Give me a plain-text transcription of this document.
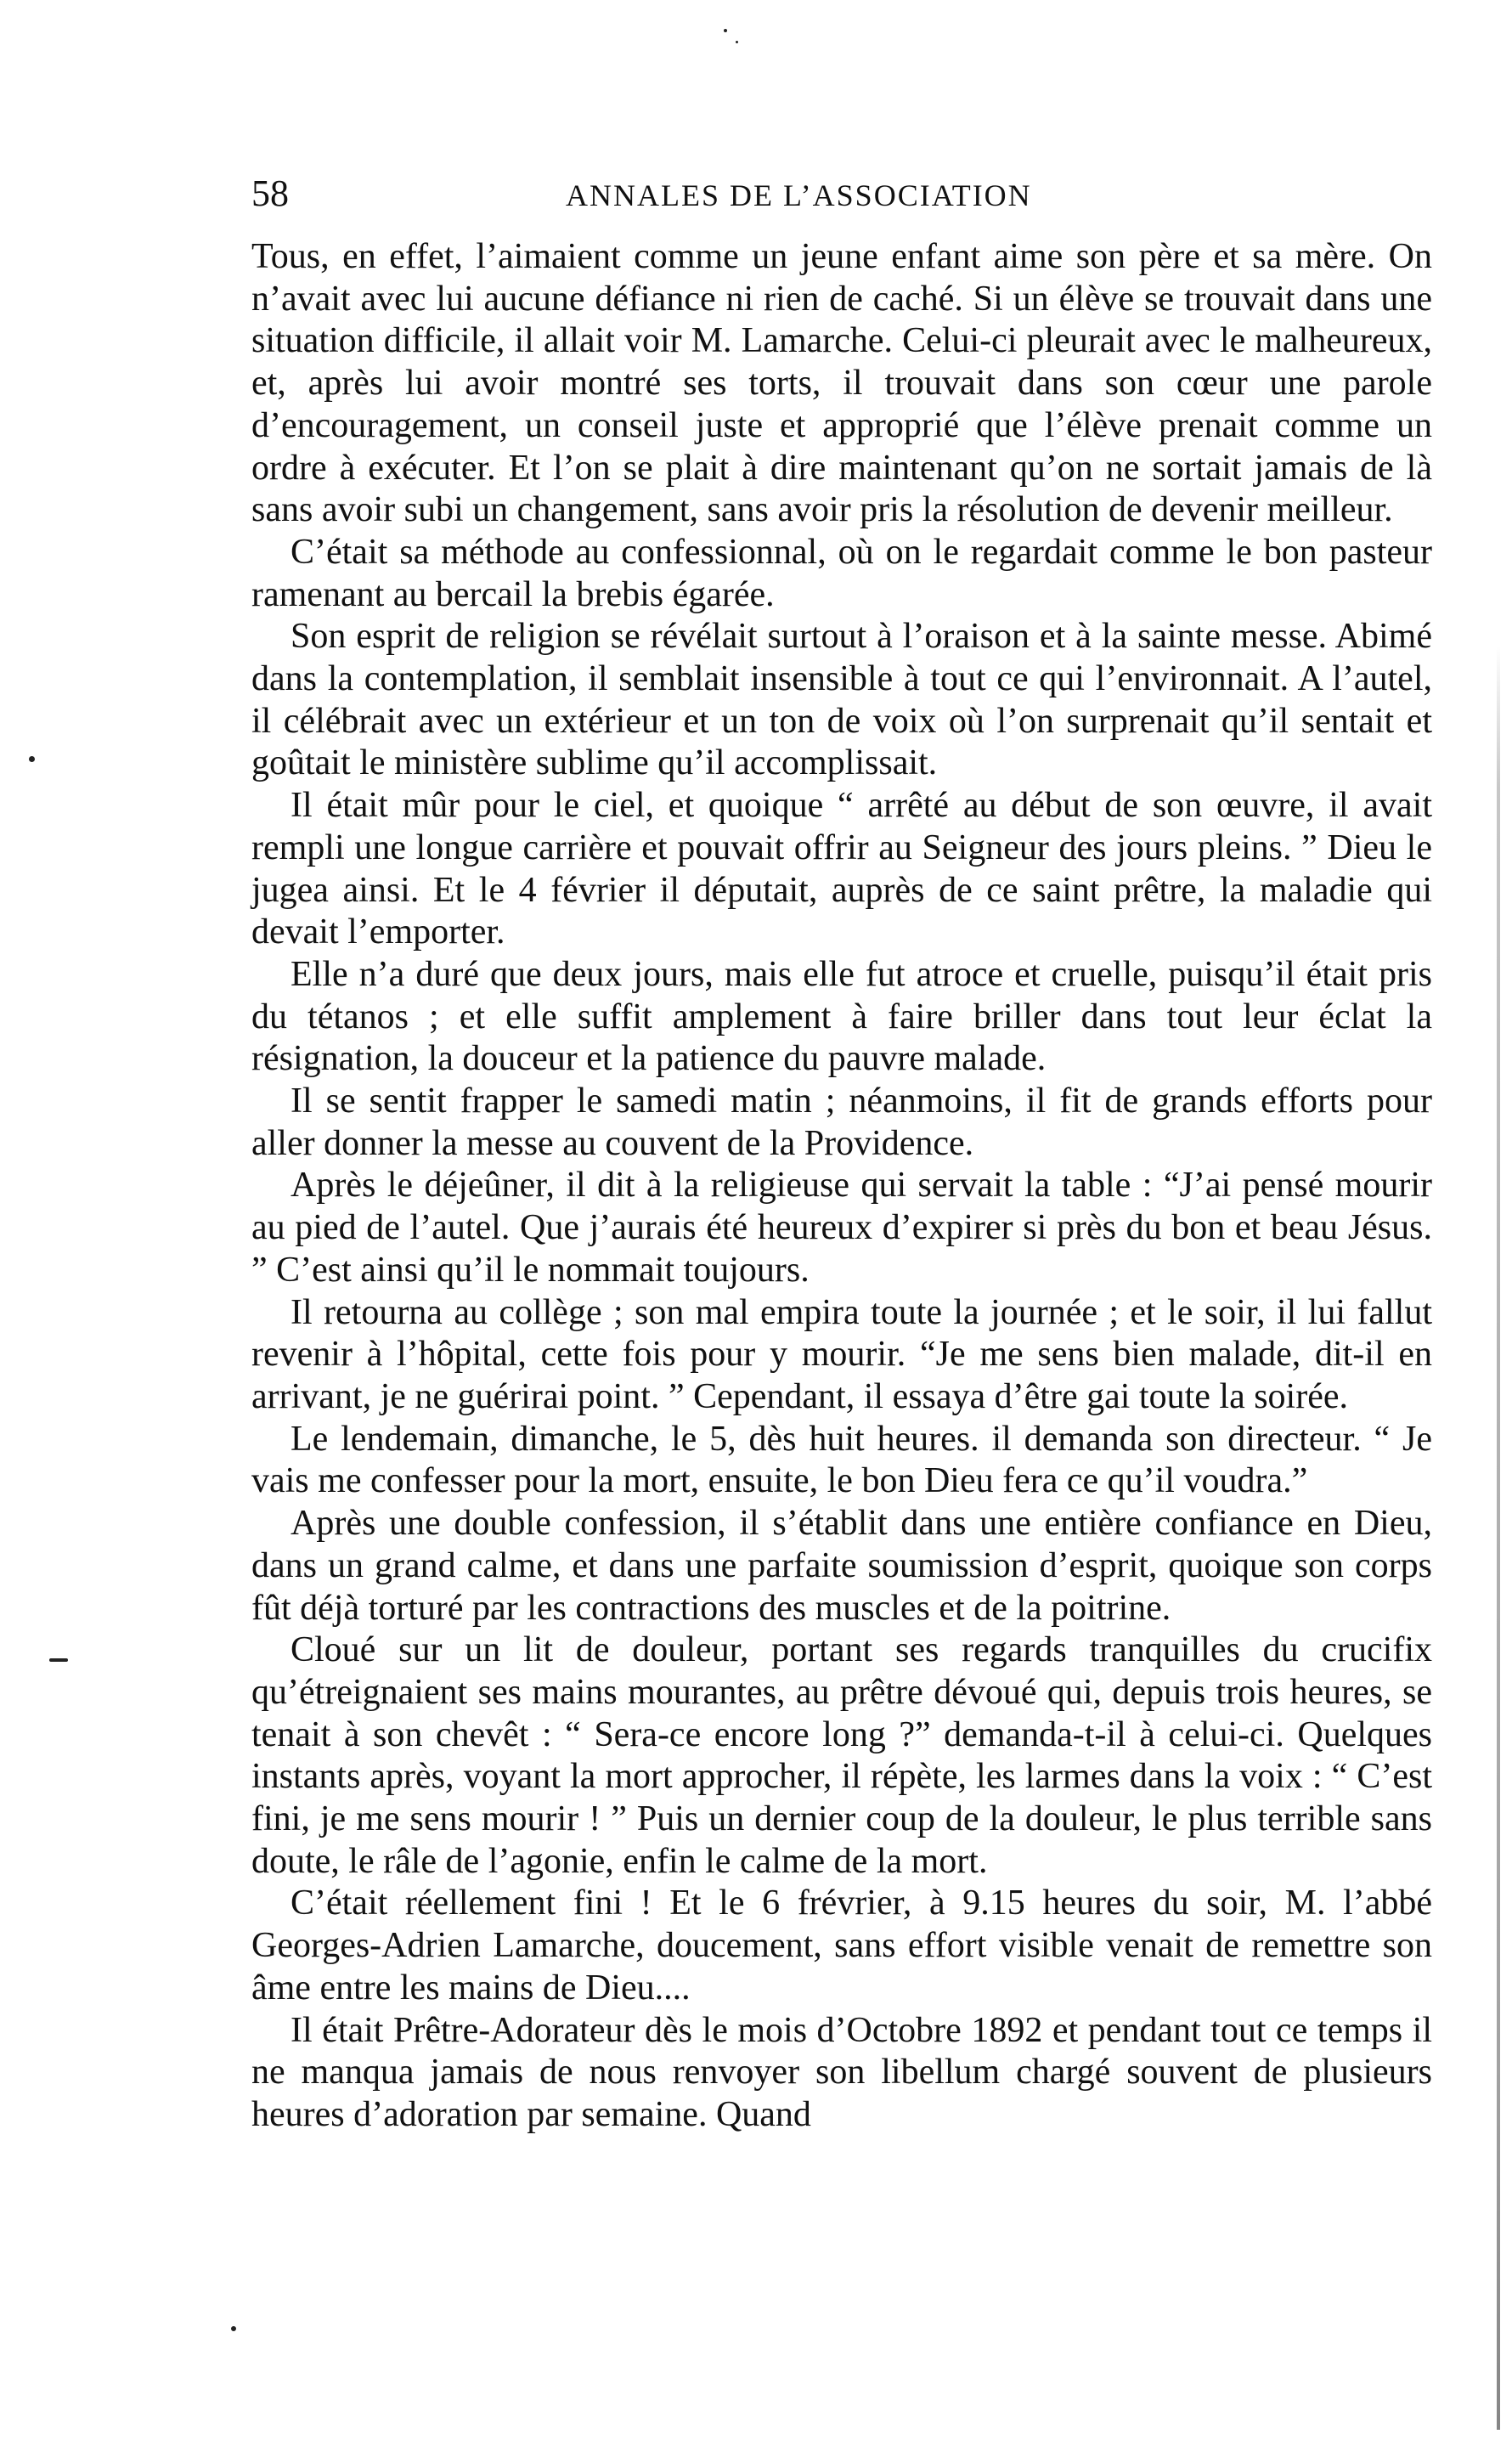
58	ANNALES DE L’ASSOCIATION

Tous, en effet, l’aimaient comme un jeune enfant aime son père et sa mère. On n’avait avec lui aucune défiance ni rien de caché. Si un élève se trouvait dans une situation difficile, il allait voir M. Lamarche. Celui-ci pleurait avec le malheureux, et, après lui avoir montré ses torts, il trouvait dans son cœur une parole d’encouragement, un conseil juste et approprié que l’élève prenait comme un ordre à exécuter. Et l’on se plait à dire maintenant qu’on ne sortait jamais de là sans avoir subi un changement, sans avoir pris la résolution de devenir meilleur.

C’était sa méthode au confessionnal, où on le regardait comme le bon pasteur ramenant au bercail la brebis égarée.

Son esprit de religion se révélait surtout à l’oraison et à la sainte messe. Abimé dans la contemplation, il semblait insensible à tout ce qui l’environnait. A l’autel, il célébrait avec un extérieur et un ton de voix où l’on surprenait qu’il sentait et goûtait le ministère sublime qu’il accomplissait.

Il était mûr pour le ciel, et quoique “ arrêté au début de son œuvre, il avait rempli une longue carrière et pouvait offrir au Seigneur des jours pleins. ” Dieu le jugea ainsi. Et le 4 février il députait, auprès de ce saint prêtre, la maladie qui devait l’emporter.

Elle n’a duré que deux jours, mais elle fut atroce et cruelle, puisqu’il était pris du tétanos ; et elle suffit amplement à faire briller dans tout leur éclat la résignation, la douceur et la patience du pauvre malade.

Il se sentit frapper le samedi matin ; néanmoins, il fit de grands efforts pour aller donner la messe au couvent de la Providence.

Après le déjeûner, il dit à la religieuse qui servait la table : “J’ai pensé mourir au pied de l’autel. Que j’aurais été heureux d’expirer si près du bon et beau Jésus. ” C’est ainsi qu’il le nommait toujours.

Il retourna au collège ; son mal empira toute la journée ; et le soir, il lui fallut revenir à l’hôpital, cette fois pour y mourir. “Je me sens bien malade, dit-il en arrivant, je ne guérirai point. ” Cependant, il essaya d’être gai toute la soirée.

Le lendemain, dimanche, le 5, dès huit heures. il demanda son directeur. “ Je vais me confesser pour la mort, ensuite, le bon Dieu fera ce qu’il voudra.”

Après une double confession, il s’établit dans une entière confiance en Dieu, dans un grand calme, et dans une parfaite soumission d’esprit, quoique son corps fût déjà torturé par les contractions des muscles et de la poitrine.

Cloué sur un lit de douleur, portant ses regards tranquilles du crucifix qu’étreignaient ses mains mourantes, au prêtre dévoué qui, depuis trois heures, se tenait à son chevêt : “ Sera-ce encore long ?” demanda-t-il à celui-ci. Quelques instants après, voyant la mort approcher, il répète, les larmes dans la voix : “ C’est fini, je me sens mourir ! ” Puis un dernier coup de la douleur, le plus terrible sans doute, le râle de l’agonie, enfin le calme de la mort.

C’était réellement fini ! Et le 6 frévrier, à 9.15 heures du soir, M. l’abbé Georges-Adrien Lamarche, doucement, sans effort visible venait de remettre son âme entre les mains de Dieu....

Il était Prêtre-Adorateur dès le mois d’Octobre 1892 et pendant tout ce temps il ne manqua jamais de nous renvoyer son libellum chargé souvent de plusieurs heures d’adoration par semaine. Quand
